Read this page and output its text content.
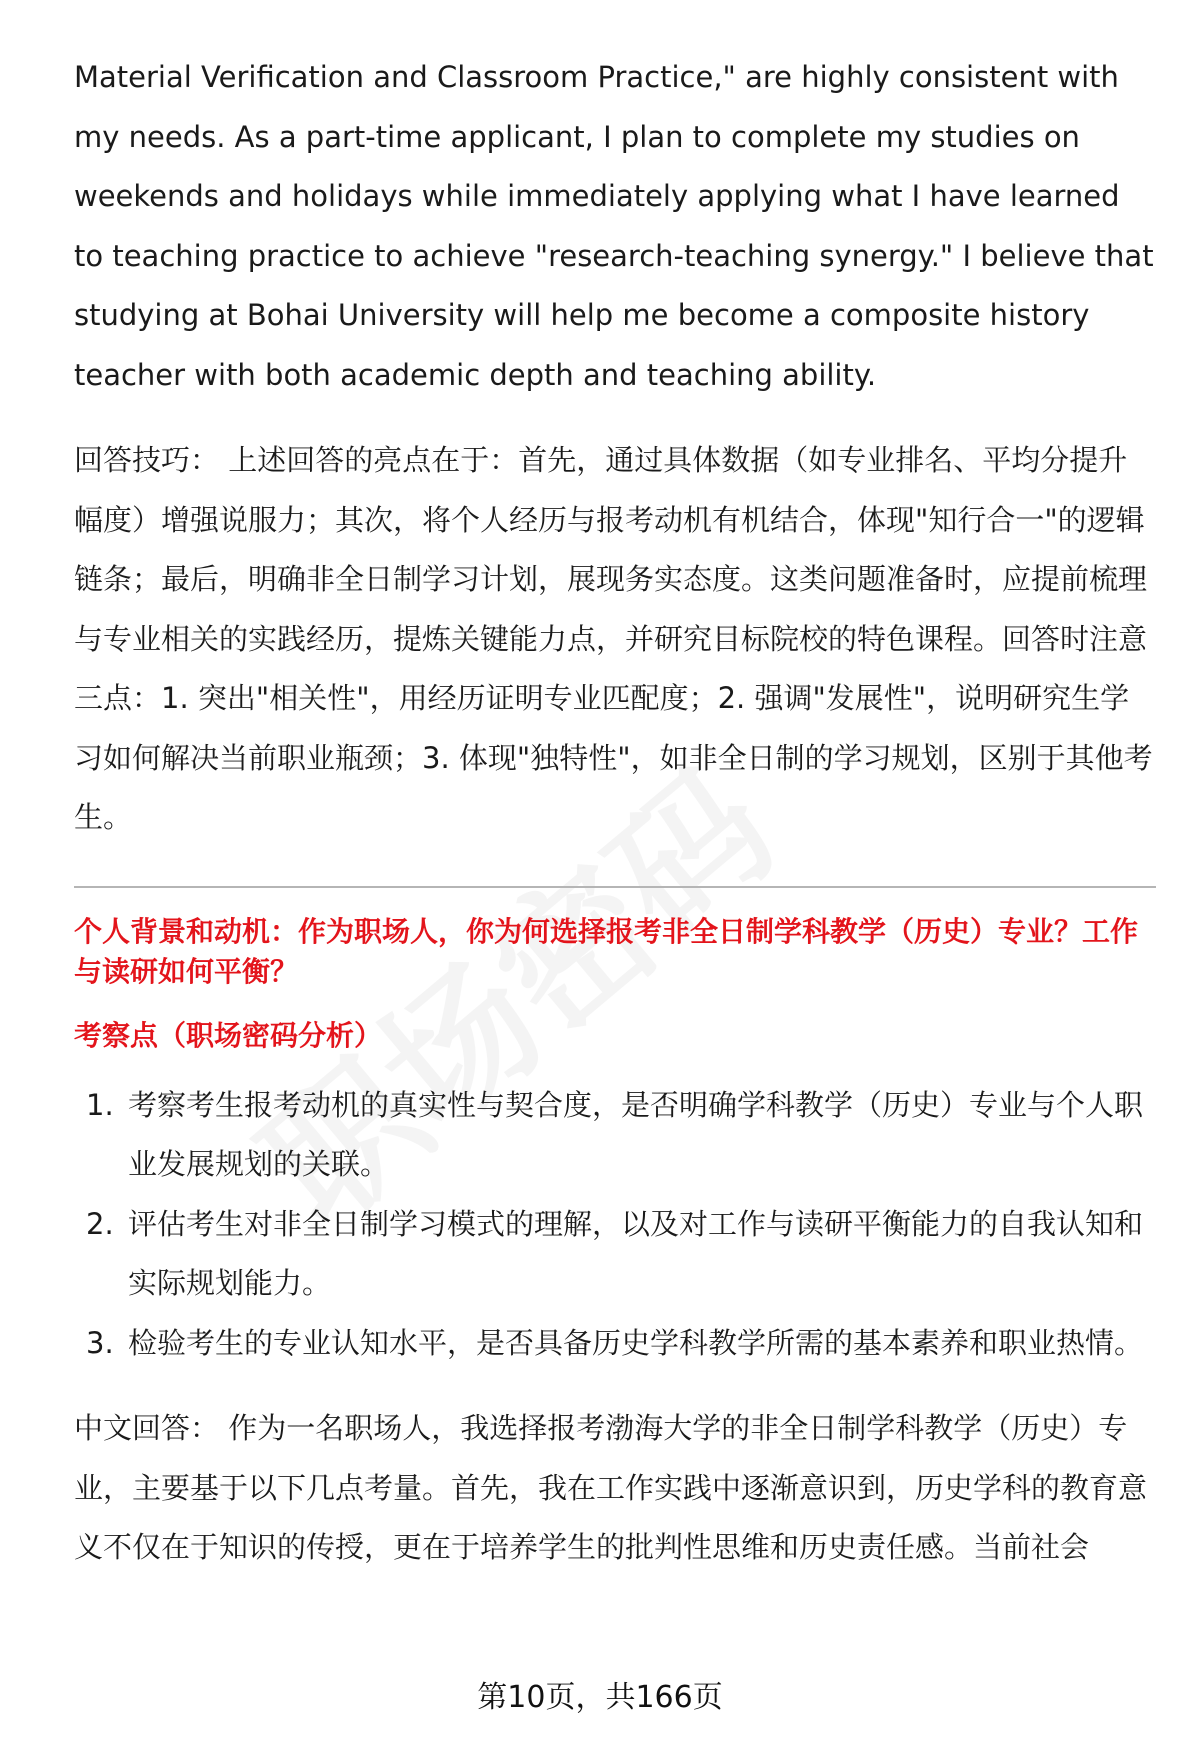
Material Verification and Classroom Practice," are highly consistent with my needs. As a part-time applicant, I plan to complete my studies on weekends and holidays while immediately applying what I have learned to teaching practice to achieve "research-teaching synergy." I believe that studying at Bohai University will help me become a composite history teacher with both academic depth and teaching ability.

回答技巧： 上述回答的亮点在于：首先，通过具体数据（如专业排名、平均分提升幅度）增强说服力；其次，将个人经历与报考动机有机结合，体现"知行合一"的逻辑链条；最后，明确非全日制学习计划，展现务实态度。这类问题准备时，应提前梳理与专业相关的实践经历，提炼关键能力点，并研究目标院校的特色课程。回答时注意三点：1. 突出"相关性"，用经历证明专业匹配度；2. 强调"发展性"，说明研究生学习如何解决当前职业瓶颈；3. 体现"独特性"，如非全日制的学习规划，区别于其他考生。

个人背景和动机：作为职场人，你为何选择报考非全日制学科教学（历史）专业？工作与读研如何平衡？

考察点（职场密码分析）

1. 考察考生报考动机的真实性与契合度，是否明确学科教学（历史）专业与个人职业发展规划的关联。
2. 评估考生对非全日制学习模式的理解，以及对工作与读研平衡能力的自我认知和实际规划能力。
3. 检验考生的专业认知水平，是否具备历史学科教学所需的基本素养和职业热情。

中文回答： 作为一名职场人，我选择报考渤海大学的非全日制学科教学（历史）专业，主要基于以下几点考量。首先，我在工作实践中逐渐意识到，历史学科的教育意义不仅在于知识的传授，更在于培养学生的批判性思维和历史责任感。当前社会

第10页，共166页
